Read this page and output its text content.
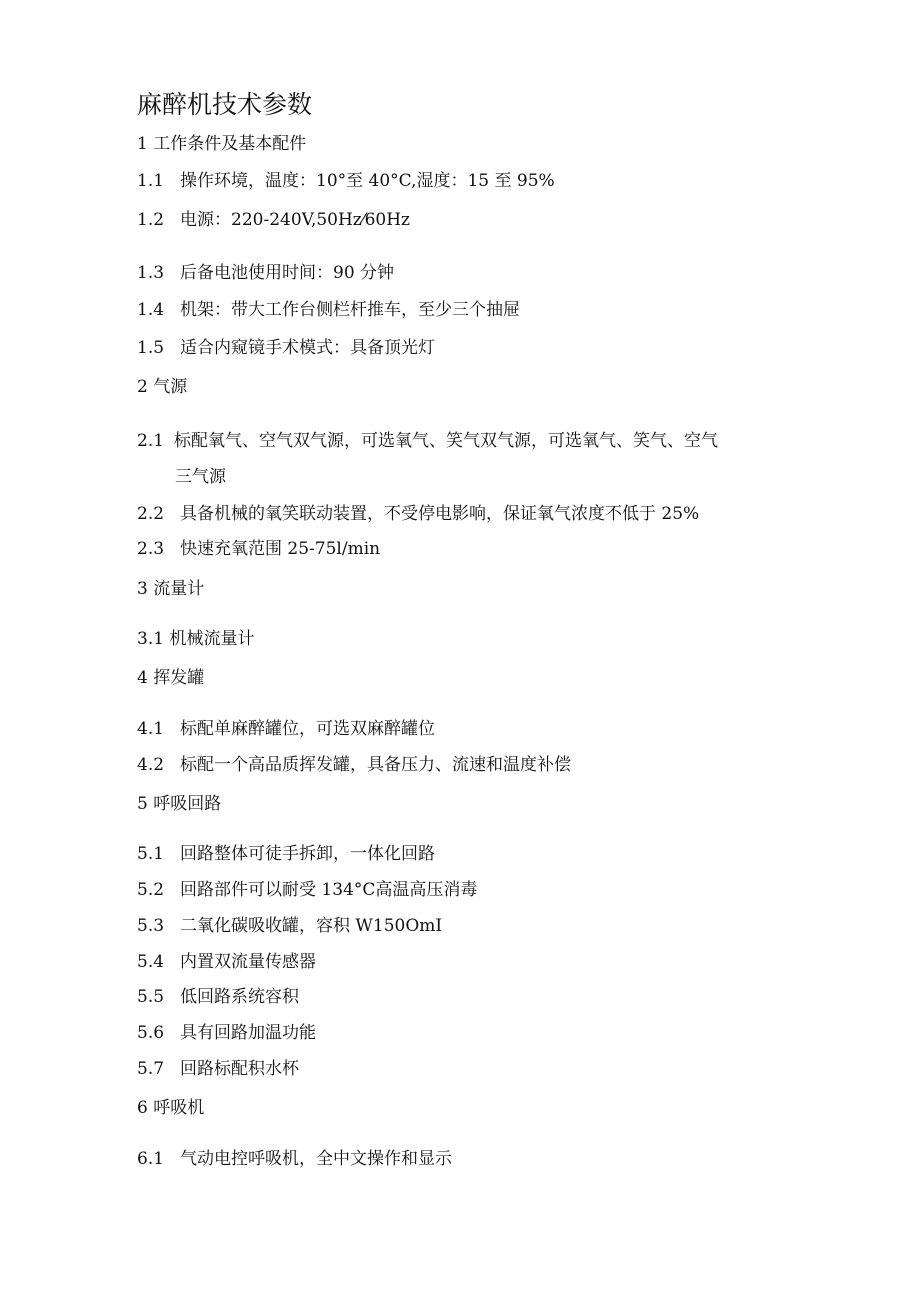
麻醉机技术参数
1 工作条件及基本配件
1.1 操作环境，温度：10°至 40°C,湿度：15 至 95%
1.2 电源：220-240V,50Hz⁄60Hz
1.3 后备电池使用时间：90 分钟
1.4 机架：带大工作台侧栏杆推车，至少三个抽屉
1.5 适合内窥镜手术模式：具备顶光灯
2 气源
2.1 标配氧气、空气双气源，可选氧气、笑气双气源，可选氧气、笑气、空气
三气源
2.2 具备机械的氧笑联动装置，不受停电影响，保证氧气浓度不低于 25%
2.3 快速充氧范围 25-75l/min
3 流量计
3.1 机械流量计
4 挥发罐
4.1 标配单麻醉罐位，可选双麻醉罐位
4.2 标配一个高品质挥发罐，具备压力、流速和温度补偿
5 呼吸回路
5.1 回路整体可徒手拆卸，一体化回路
5.2 回路部件可以耐受 134°C高温高压消毒
5.3 二氧化碳吸收罐，容积 W150OmI
5.4 内置双流量传感器
5.5 低回路系统容积
5.6 具有回路加温功能
5.7 回路标配积水杯
6 呼吸机
6.1 气动电控呼吸机，全中文操作和显示
